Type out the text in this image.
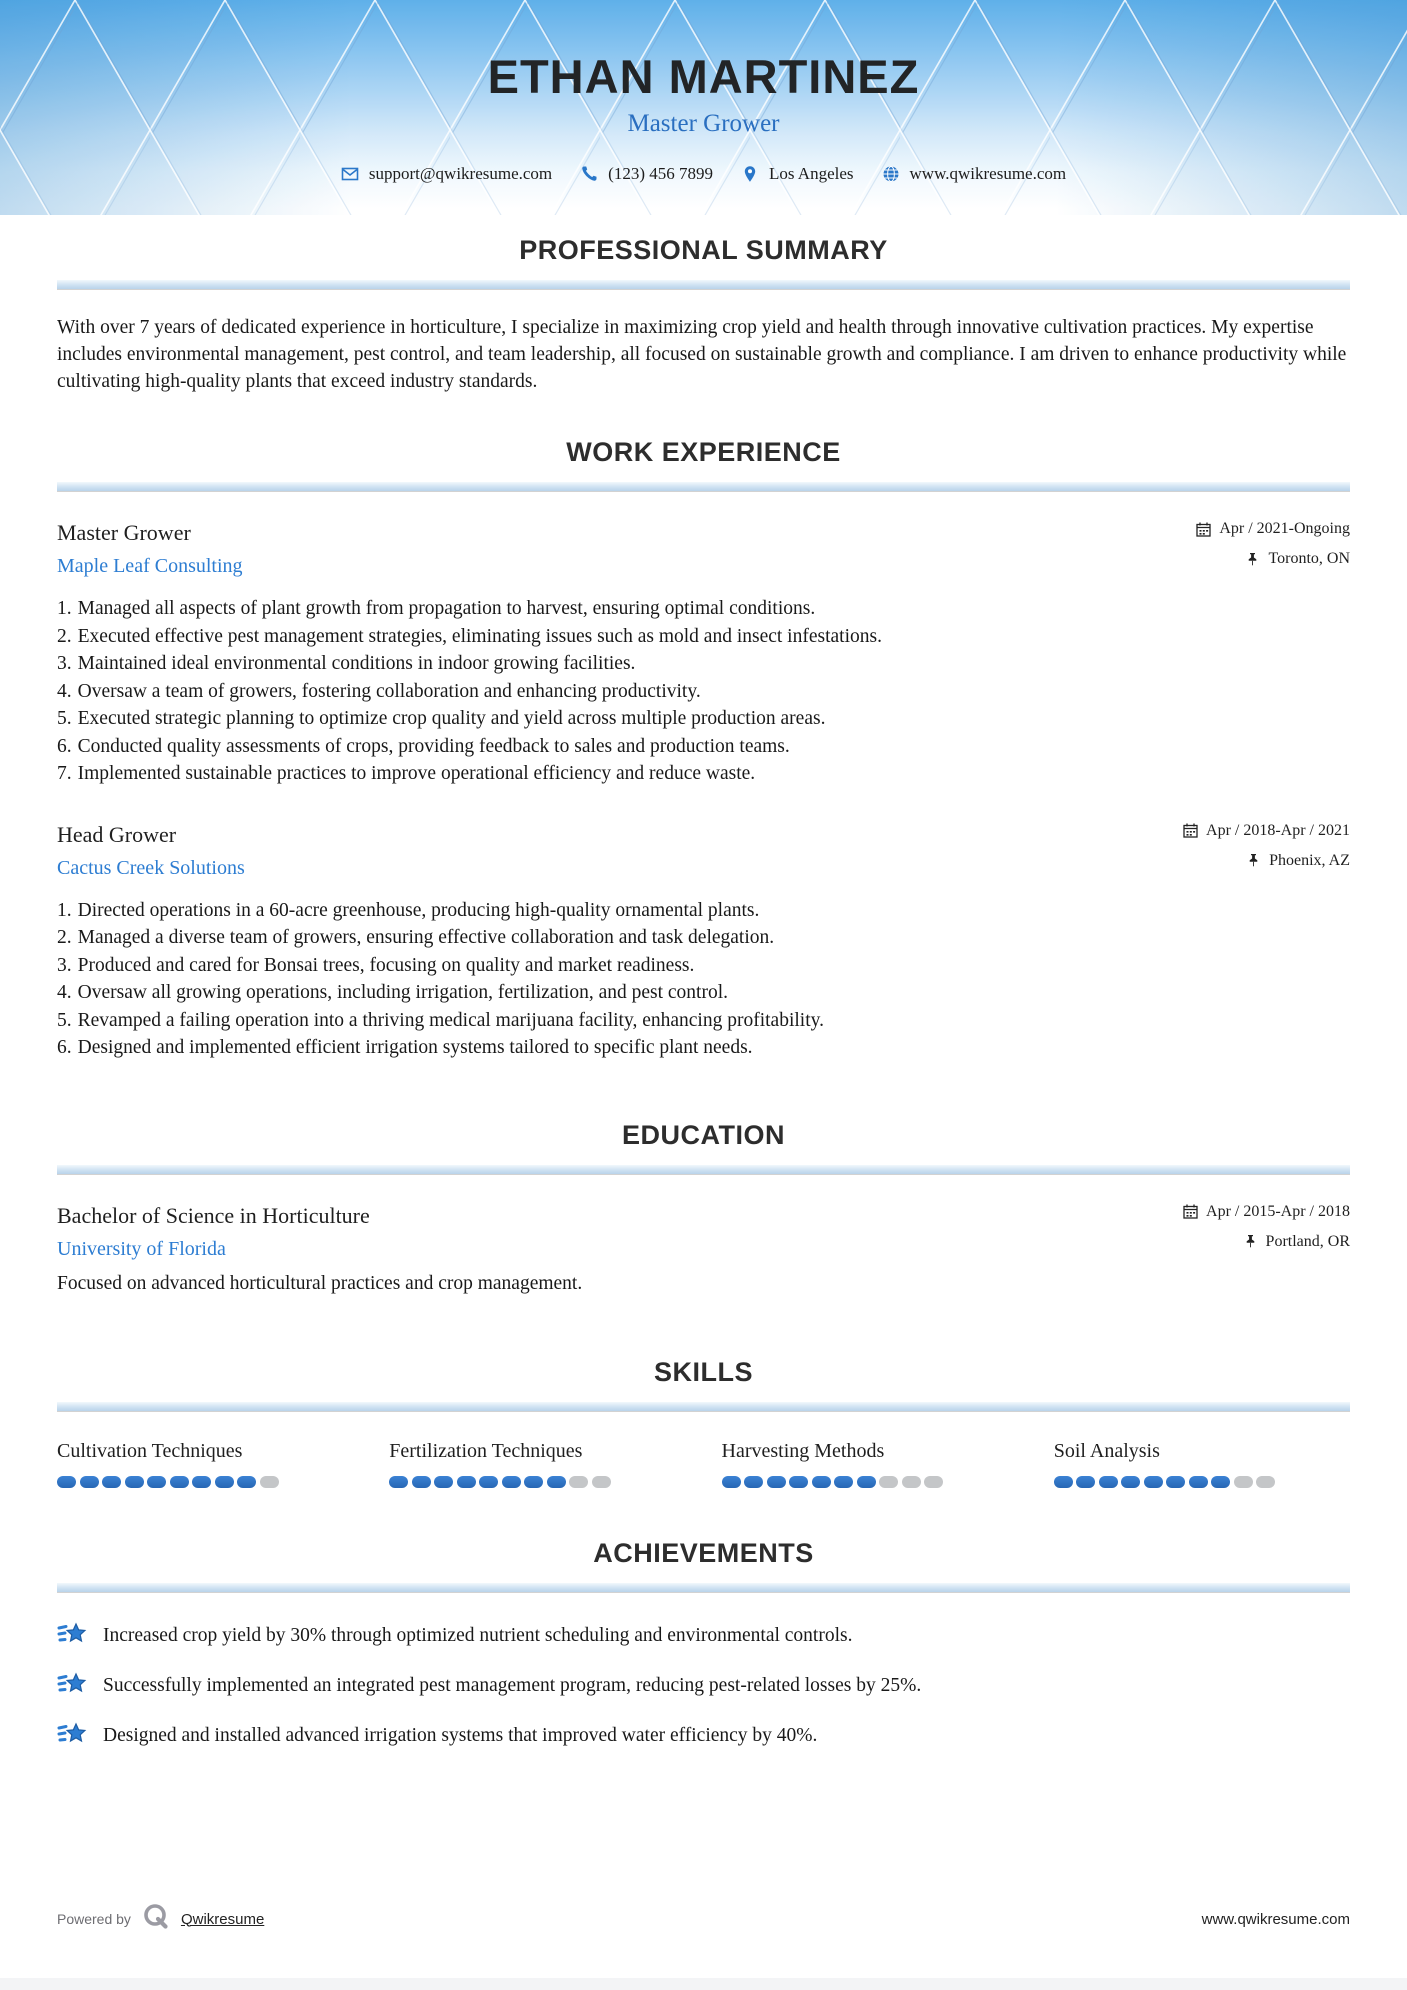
ETHAN MARTINEZ
Master Grower
support@qwikresume.com	(123) 456 7899	Los Angeles	www.qwikresume.com
PROFESSIONAL SUMMARY
With over 7 years of dedicated experience in horticulture, I specialize in maximizing crop yield and health through innovative cultivation practices. My expertise includes environmental management, pest control, and team leadership, all focused on sustainable growth and compliance. I am driven to enhance productivity while cultivating high-quality plants that exceed industry standards.
WORK EXPERIENCE
Master Grower
Maple Leaf Consulting
Apr / 2021-Ongoing
Toronto, ON
1. Managed all aspects of plant growth from propagation to harvest, ensuring optimal conditions.
2. Executed effective pest management strategies, eliminating issues such as mold and insect infestations.
3. Maintained ideal environmental conditions in indoor growing facilities.
4. Oversaw a team of growers, fostering collaboration and enhancing productivity.
5. Executed strategic planning to optimize crop quality and yield across multiple production areas.
6. Conducted quality assessments of crops, providing feedback to sales and production teams.
7. Implemented sustainable practices to improve operational efficiency and reduce waste.
Head Grower
Cactus Creek Solutions
Apr / 2018-Apr / 2021
Phoenix, AZ
1. Directed operations in a 60-acre greenhouse, producing high-quality ornamental plants.
2. Managed a diverse team of growers, ensuring effective collaboration and task delegation.
3. Produced and cared for Bonsai trees, focusing on quality and market readiness.
4. Oversaw all growing operations, including irrigation, fertilization, and pest control.
5. Revamped a failing operation into a thriving medical marijuana facility, enhancing profitability.
6. Designed and implemented efficient irrigation systems tailored to specific plant needs.
EDUCATION
Bachelor of Science in Horticulture
University of Florida
Apr / 2015-Apr / 2018
Portland, OR
Focused on advanced horticultural practices and crop management.
SKILLS
Cultivation Techniques	Fertilization Techniques	Harvesting Methods	Soil Analysis
ACHIEVEMENTS
Increased crop yield by 30% through optimized nutrient scheduling and environmental controls.
Successfully implemented an integrated pest management program, reducing pest-related losses by 25%.
Designed and installed advanced irrigation systems that improved water efficiency by 40%.
Powered by	Qwikresume	www.qwikresume.com
